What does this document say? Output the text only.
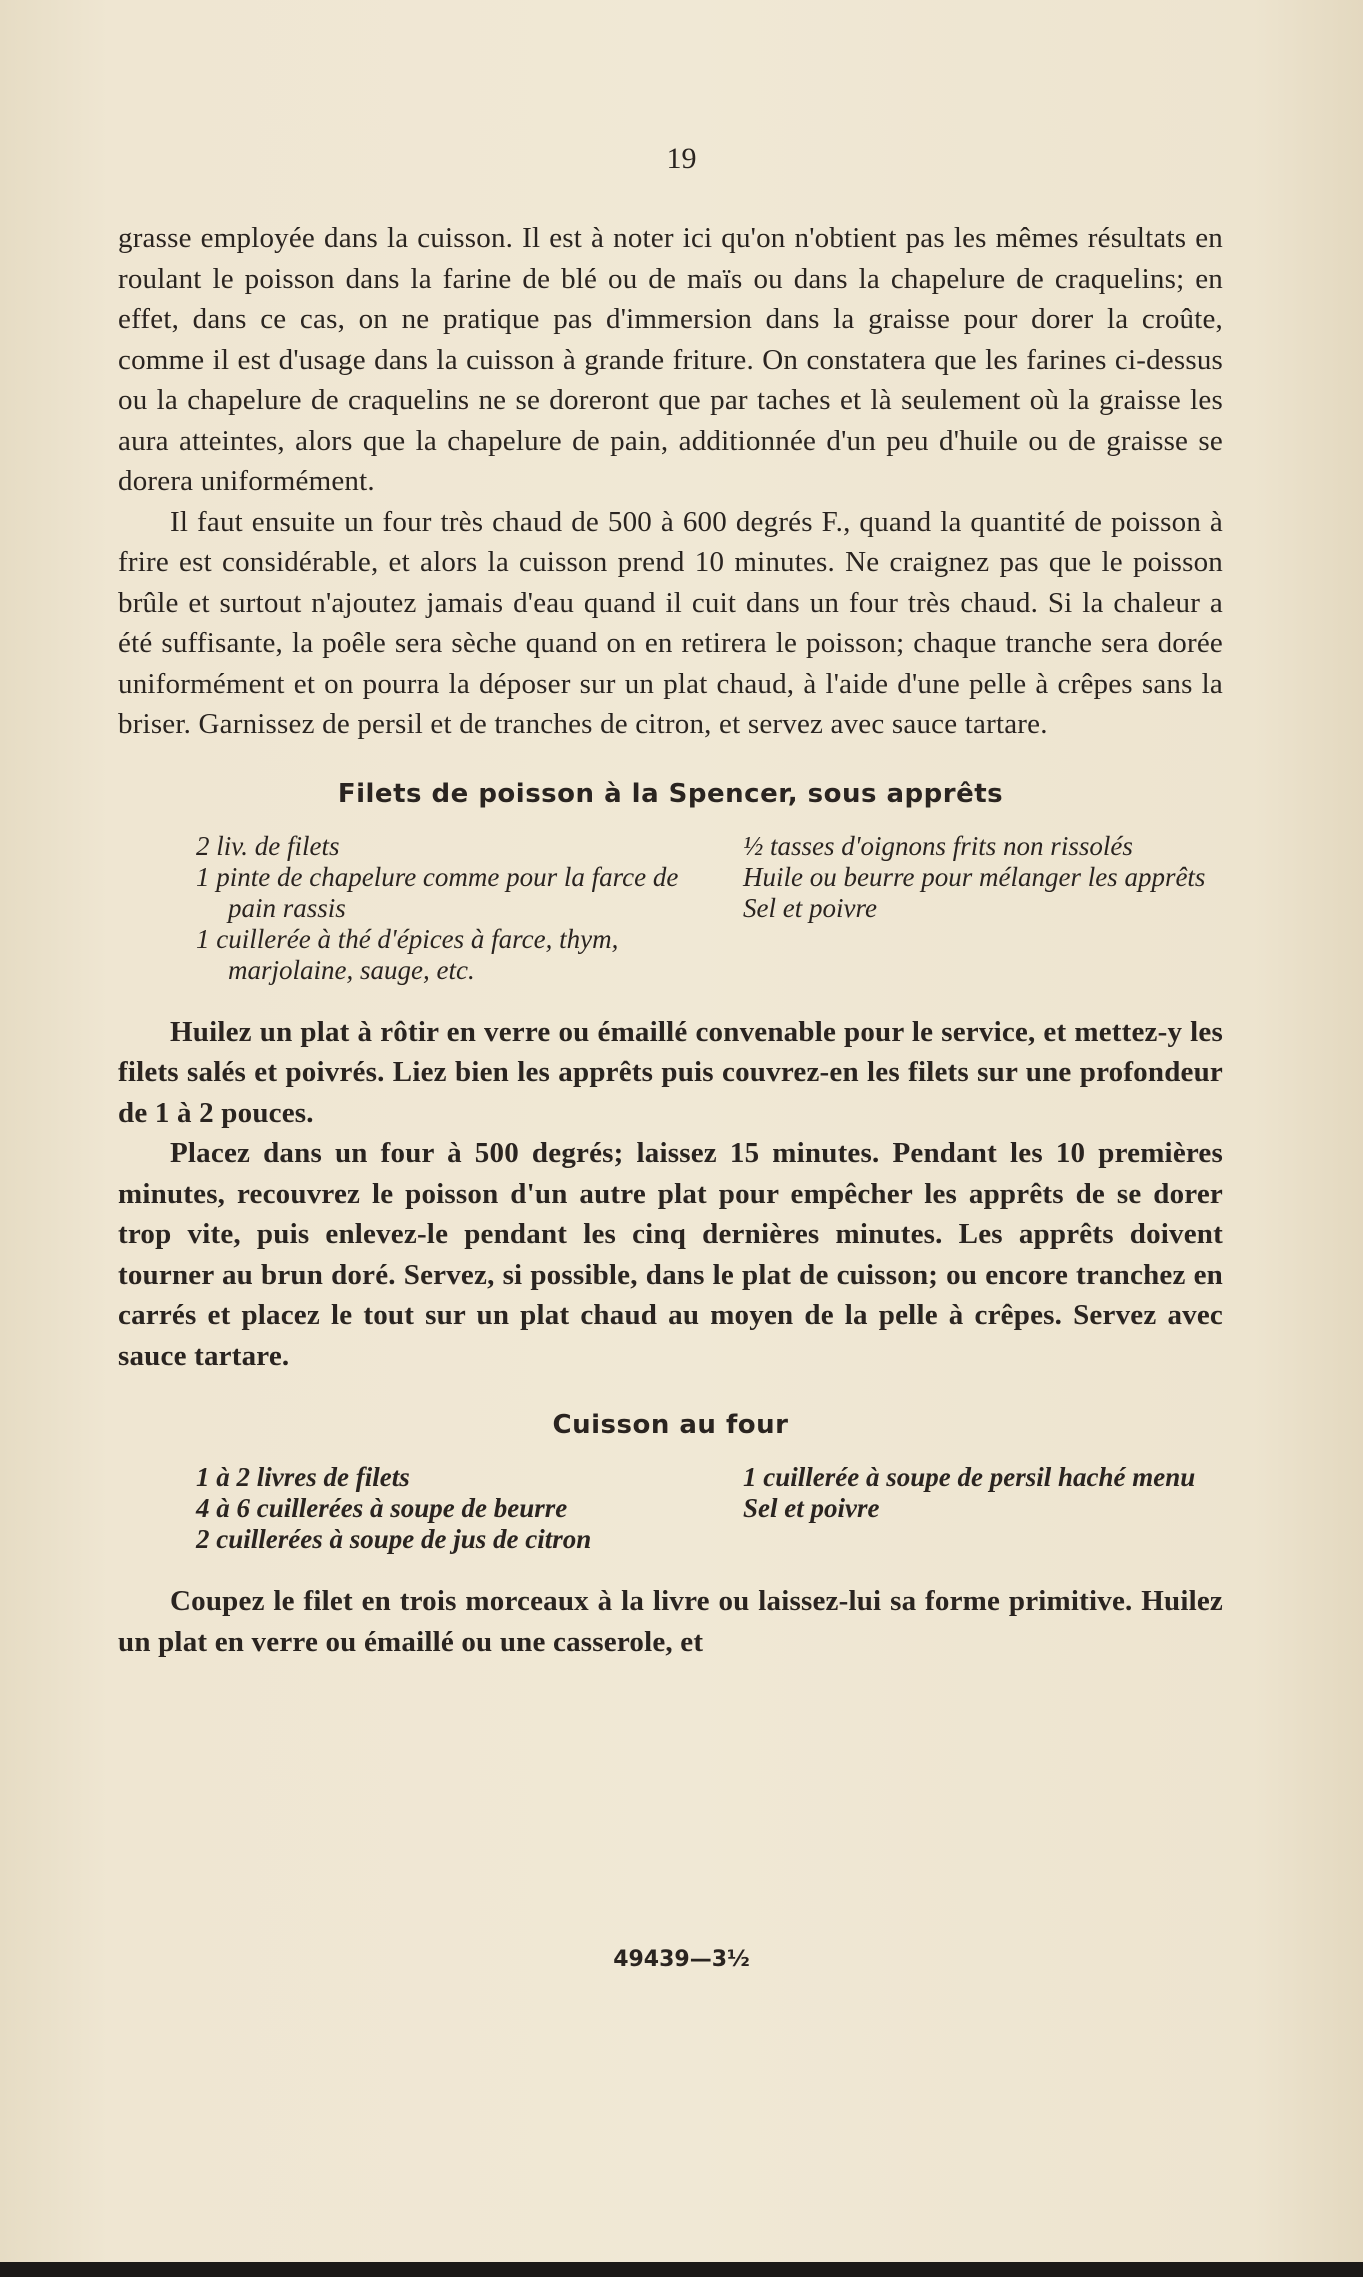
19

grasse employée dans la cuisson. Il est à noter ici qu'on n'obtient pas les mêmes résultats en roulant le poisson dans la farine de blé ou de maïs ou dans la chapelure de craquelins; en effet, dans ce cas, on ne pratique pas d'immersion dans la graisse pour dorer la croûte, comme il est d'usage dans la cuisson à grande friture. On constatera que les farines ci-dessus ou la chapelure de craquelins ne se doreront que par taches et là seulement où la graisse les aura atteintes, alors que la chapelure de pain, additionnée d'un peu d'huile ou de graisse se dorera uniformément.

Il faut ensuite un four très chaud de 500 à 600 degrés F., quand la quantité de poisson à frire est considérable, et alors la cuisson prend 10 minutes. Ne craignez pas que le poisson brûle et surtout n'ajoutez jamais d'eau quand il cuit dans un four très chaud. Si la chaleur a été suffisante, la poêle sera sèche quand on en retirera le poisson; chaque tranche sera dorée uniformément et on pourra la déposer sur un plat chaud, à l'aide d'une pelle à crêpes sans la briser. Garnissez de persil et de tranches de citron, et servez avec sauce tartare.

Filets de poisson à la Spencer, sous apprêts

2 liv. de filets

1 pinte de chapelure comme pour la farce de pain rassis

1 cuillerée à thé d'épices à farce, thym, marjolaine, sauge, etc.

½ tasses d'oignons frits non rissolés

Huile ou beurre pour mélanger les apprêts

Sel et poivre

Huilez un plat à rôtir en verre ou émaillé convenable pour le service, et mettez-y les filets salés et poivrés. Liez bien les apprêts puis couvrez-en les filets sur une profondeur de 1 à 2 pouces.

Placez dans un four à 500 degrés; laissez 15 minutes. Pendant les 10 premières minutes, recouvrez le poisson d'un autre plat pour empêcher les apprêts de se dorer trop vite, puis enlevez-le pendant les cinq dernières minutes. Les apprêts doivent tourner au brun doré. Servez, si possible, dans le plat de cuisson; ou encore tranchez en carrés et placez le tout sur un plat chaud au moyen de la pelle à crêpes. Servez avec sauce tartare.

Cuisson au four

1 à 2 livres de filets

4 à 6 cuillerées à soupe de beurre

2 cuillerées à soupe de jus de citron

1 cuillerée à soupe de persil haché menu

Sel et poivre

Coupez le filet en trois morceaux à la livre ou laissez-lui sa forme primitive. Huilez un plat en verre ou émaillé ou une casserole, et

49439—3½
